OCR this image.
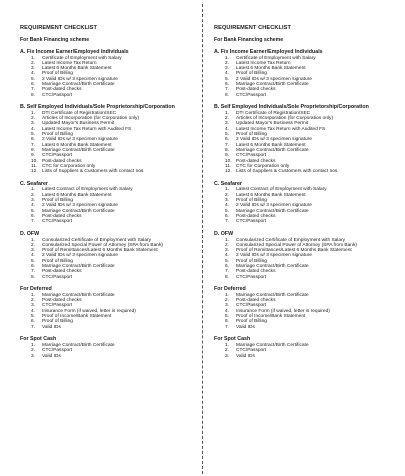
REQUIREMENT CHECKLIST
For Bank Financing scheme
A. Fix Income Earner/Employed Individuals
1. Certificate of Employment with Salary
2. Latest Income Tax Return
3. Latest 6 Months Bank Statement
4. Proof of Billing
5. 2 Valid IDs w/ 3 specimen signature
6. Marriage Contract/Birth Certificate
7. Post-dated checks
8. CTC/Passport
B. Self Employed Individuals/Sole Proprietorship/Corporation
1. DTI Certificate of Registration/SEC
2. Articles of Incorporation (for Corporation only)
3. Updated Mayor's Business Permit
4. Latest Income Tax Return with Audited FS
5. Proof of Billing
6. 2 Valid IDs w/ 3 specimen signature
7. Latest 6 Months Bank Statement
8. Marriage Contract/Birth Certificate
9. CTC/Passport
10. Post-dated checks
11. CTC for Corporation only
12. Lists of Suppliers & Customers with contact nos.
C. Seafarer
1. Latest Contract of Employment with Salary
2. Latest 6 Months Bank Statement
3. Proof of Billing
4. 2 Valid IDs w/ 3 specimen signature
5. Marriage Contract/Birth Certificate
6. Post-dated checks
7. CTC/Passport
D. OFW
1. Consularized Certificate of Employment with Salary
2. Consularized Special Power of Attorney (SPA from Bank)
3. Proof of Remittances/Latest 6 Months Bank Statement
4. 2 Valid IDs w/ 3 specimen signature
5. Proof of Billing
6. Marriage Contract/Birth Certificate
7. Post-dated checks
8. CTC/Passport
For Deferred
1. Marriage Contract/Birth Certificate
2. Post-dated checks
3. CTC/Passport
4. Insurance Form (if waived, letter is required)
5. Proof of Income/Bank Statement
6. Proof of Billing
7. Valid IDs
For Spot Cash
1. Marriage Contract/Birth Certificate
2. CTC/Passport
3. Valid IDs
REQUIREMENT CHECKLIST
For Bank Financing scheme
A. Fix Income Earner/Employed Individuals
1. Certificate of Employment with Salary
2. Latest Income Tax Return
3. Latest 6 Months Bank Statement
4. Proof of Billing
5. 2 Valid IDs w/ 3 specimen signature
6. Marriage Contract/Birth Certificate
7. Post-dated checks
8. CTC/Passport
B. Self Employed Individuals/Sole Proprietorship/Corporation
1. DTI Certificate of Registration/SEC
2. Articles of Incorporation (for Corporation only)
3. Updated Mayor's Business Permit
4. Latest Income Tax Return with Audited FS
5. Proof of Billing
6. 2 Valid IDs w/ 3 specimen signature
7. Latest 6 Months Bank Statement
8. Marriage Contract/Birth Certificate
9. CTC/Passport
10. Post-dated checks
11. CTC for Corporation only
12. Lists of Suppliers & Customers with contact nos.
C. Seafarer
1. Latest Contract of Employment with Salary
2. Latest 6 Months Bank Statement
3. Proof of Billing
4. 2 Valid IDs w/ 3 specimen signature
5. Marriage Contract/Birth Certificate
6. Post-dated checks
7. CTC/Passport
D. OFW
1. Consularized Certificate of Employment with Salary
2. Consularized Special Power of Attorney (SPA from Bank)
3. Proof of Remittances/Latest 6 Months Bank Statement
4. 2 Valid IDs w/ 3 specimen signature
5. Proof of Billing
6. Marriage Contract/Birth Certificate
7. Post-dated checks
8. CTC/Passport
For Deferred
1. Marriage Contract/Birth Certificate
2. Post-dated checks
3. CTC/Passport
4. Insurance Form (if waived, letter is required)
5. Proof of Income/Bank Statement
6. Proof of Billing
7. Valid IDs
For Spot Cash
1. Marriage Contract/Birth Certificate
2. CTC/Passport
3. Valid IDs
